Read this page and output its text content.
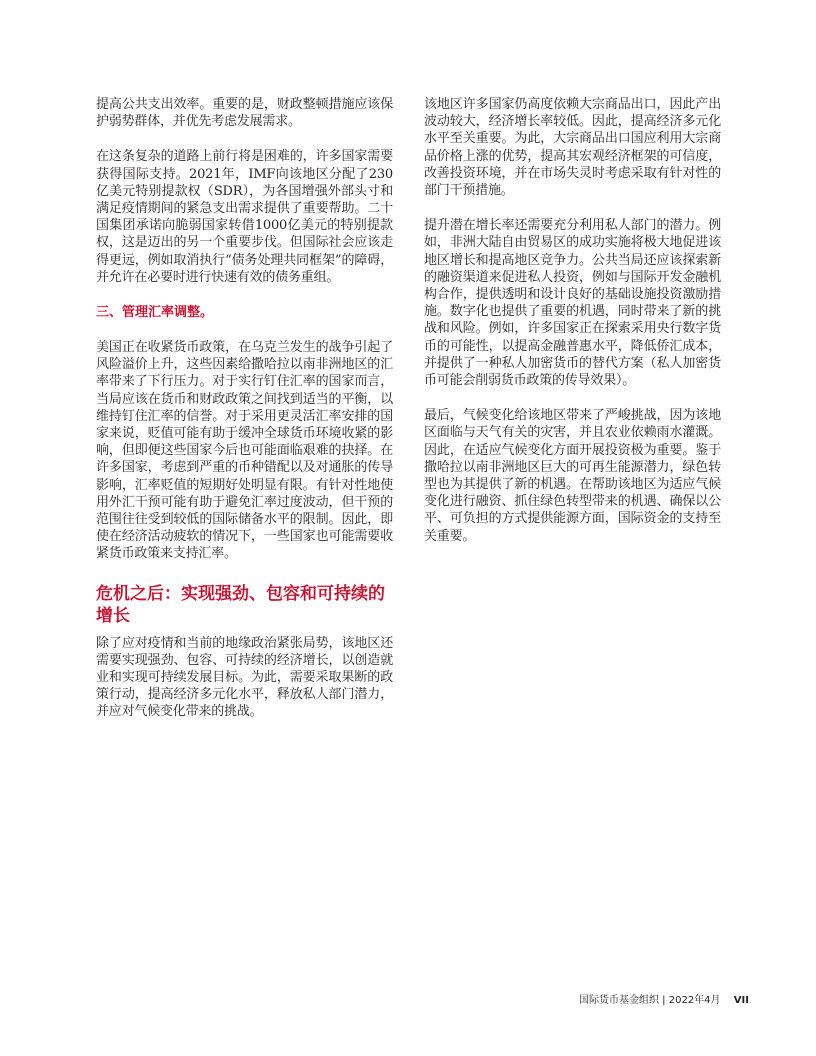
提高公共支出效率。重要的是，财政整顿措施应该保护弱势群体，并优先考虑发展需求。

在这条复杂的道路上前行将是困难的，许多国家需要获得国际支持。2021年，IMF向该地区分配了230亿美元特别提款权（SDR），为各国增强外部头寸和满足疫情期间的紧急支出需求提供了重要帮助。二十国集团承诺向脆弱国家转借1000亿美元的特别提款权，这是迈出的另一个重要步伐。但国际社会应该走得更远，例如取消执行“债务处理共同框架”的障碍，并允许在必要时进行快速有效的债务重组。

三、管理汇率调整。

美国正在收紧货币政策，在乌克兰发生的战争引起了风险溢价上升，这些因素给撒哈拉以南非洲地区的汇率带来了下行压力。对于实行钉住汇率的国家而言，当局应该在货币和财政政策之间找到适当的平衡，以维持钉住汇率的信誉。对于采用更灵活汇率安排的国家来说，贬值可能有助于缓冲全球货币环境收紧的影响，但即便这些国家今后也可能面临艰难的抉择。在许多国家，考虑到严重的币种错配以及对通胀的传导影响，汇率贬值的短期好处明显有限。有针对性地使用外汇干预可能有助于避免汇率过度波动，但干预的范围往往受到较低的国际储备水平的限制。因此，即使在经济活动疲软的情况下，一些国家也可能需要收紧货币政策来支持汇率。

危机之后：实现强劲、包容和可持续的增长

除了应对疫情和当前的地缘政治紧张局势，该地区还需要实现强劲、包容、可持续的经济增长，以创造就业和实现可持续发展目标。为此，需要采取果断的政策行动，提高经济多元化水平，释放私人部门潜力，并应对气候变化带来的挑战。

该地区许多国家仍高度依赖大宗商品出口，因此产出波动较大，经济增长率较低。因此，提高经济多元化水平至关重要。为此，大宗商品出口国应利用大宗商品价格上涨的优势，提高其宏观经济框架的可信度，改善投资环境，并在市场失灵时考虑采取有针对性的部门干预措施。

提升潜在增长率还需要充分利用私人部门的潜力。例如，非洲大陆自由贸易区的成功实施将极大地促进该地区增长和提高地区竞争力。公共当局还应该探索新的融资渠道来促进私人投资，例如与国际开发金融机构合作，提供透明和设计良好的基础设施投资激励措施。数字化也提供了重要的机遇，同时带来了新的挑战和风险。例如，许多国家正在探索采用央行数字货币的可能性，以提高金融普惠水平，降低侨汇成本，并提供了一种私人加密货币的替代方案（私人加密货币可能会削弱货币政策的传导效果）。

最后，气候变化给该地区带来了严峻挑战，因为该地区面临与天气有关的灾害，并且农业依赖雨水灌溉。因此，在适应气候变化方面开展投资极为重要。鉴于撒哈拉以南非洲地区巨大的可再生能源潜力，绿色转型也为其提供了新的机遇。在帮助该地区为适应气候变化进行融资、抓住绿色转型带来的机遇、确保以公平、可负担的方式提供能源方面，国际资金的支持至关重要。

国际货币基金组织 | 2022年4月 VII
